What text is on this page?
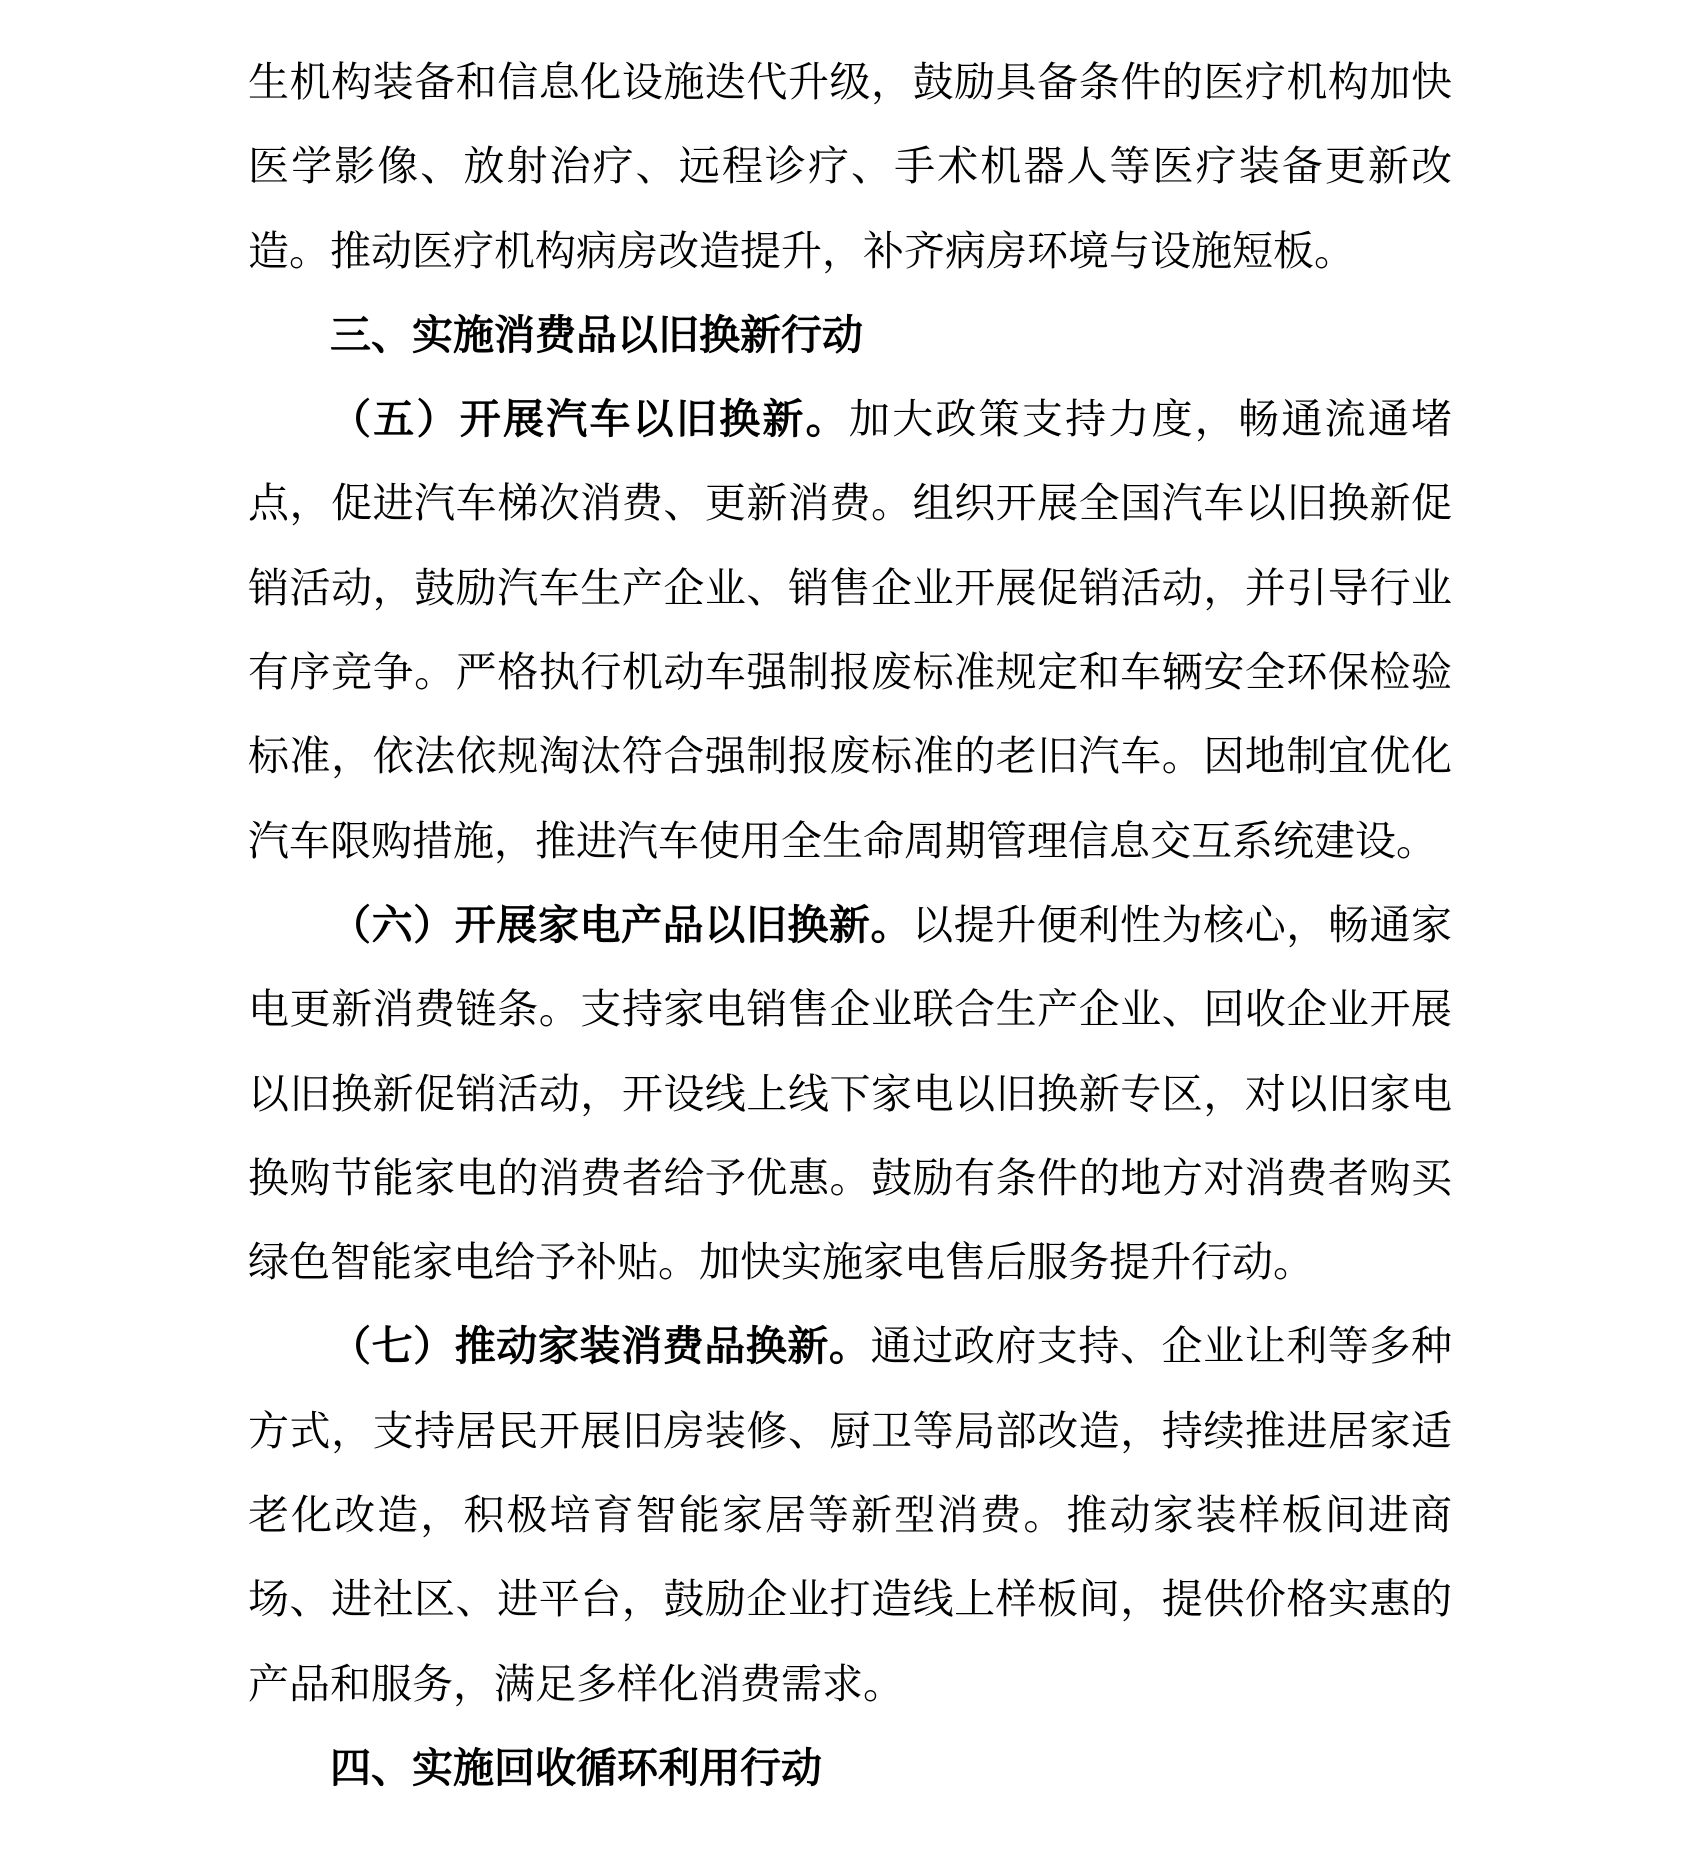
生机构装备和信息化设施迭代升级，鼓励具备条件的医疗机构加快
医学影像、放射治疗、远程诊疗、手术机器人等医疗装备更新改
造。推动医疗机构病房改造提升，补齐病房环境与设施短板。
三、实施消费品以旧换新行动
（五）开展汽车以旧换新。加大政策支持力度，畅通流通堵
点，促进汽车梯次消费、更新消费。组织开展全国汽车以旧换新促
销活动，鼓励汽车生产企业、销售企业开展促销活动，并引导行业
有序竞争。严格执行机动车强制报废标准规定和车辆安全环保检验
标准，依法依规淘汰符合强制报废标准的老旧汽车。因地制宜优化
汽车限购措施，推进汽车使用全生命周期管理信息交互系统建设。
（六）开展家电产品以旧换新。以提升便利性为核心，畅通家
电更新消费链条。支持家电销售企业联合生产企业、回收企业开展
以旧换新促销活动，开设线上线下家电以旧换新专区，对以旧家电
换购节能家电的消费者给予优惠。鼓励有条件的地方对消费者购买
绿色智能家电给予补贴。加快实施家电售后服务提升行动。
（七）推动家装消费品换新。通过政府支持、企业让利等多种
方式，支持居民开展旧房装修、厨卫等局部改造，持续推进居家适
老化改造，积极培育智能家居等新型消费。推动家装样板间进商
场、进社区、进平台，鼓励企业打造线上样板间，提供价格实惠的
产品和服务，满足多样化消费需求。
四、实施回收循环利用行动
